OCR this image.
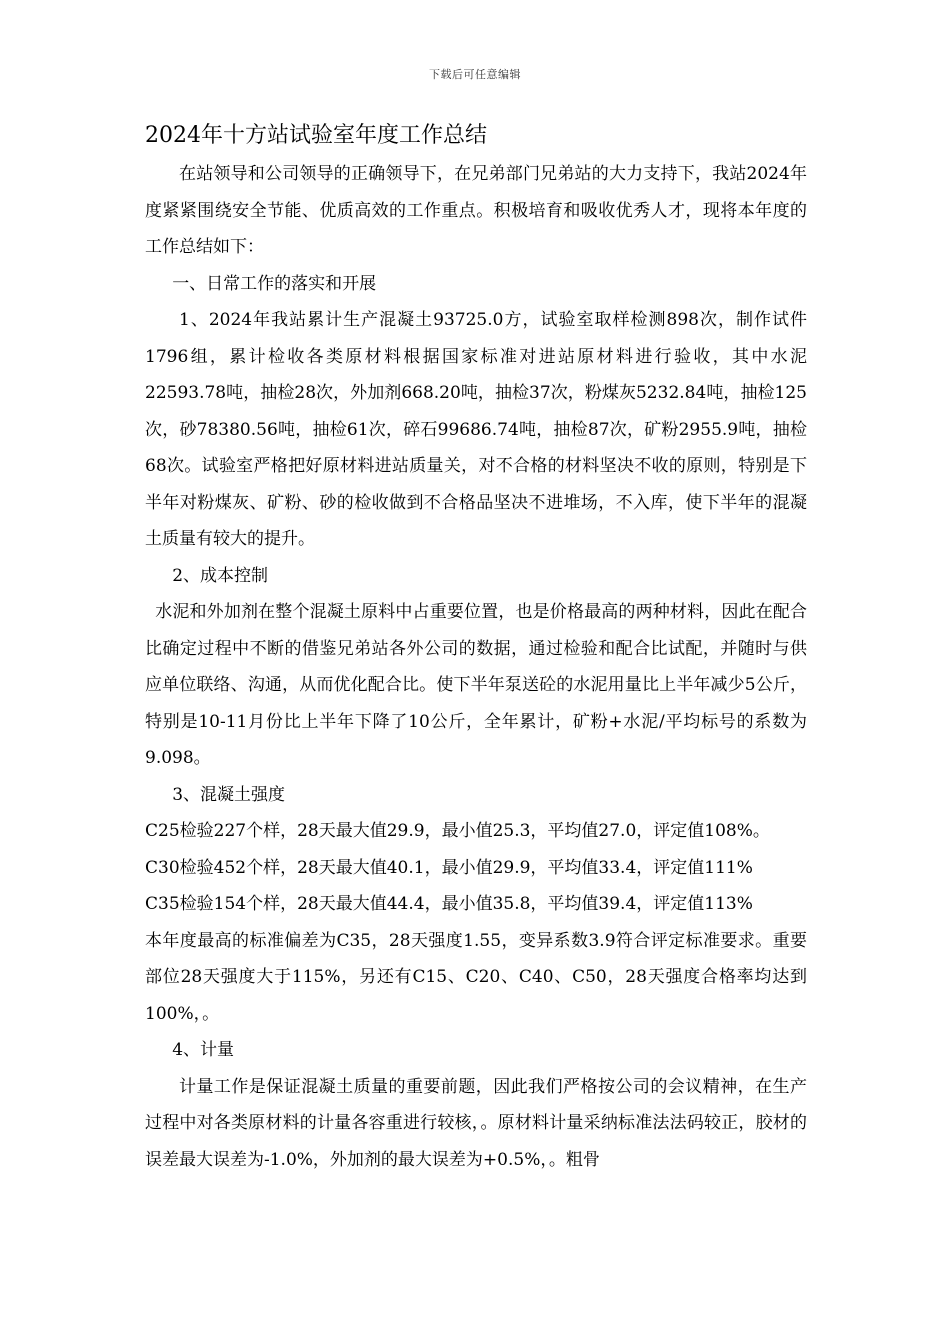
下载后可任意编辑
2024年十方站试验室年度工作总结

在站领导和公司领导的正确领导下，在兄弟部门兄弟站的大力支持下，我站2024年度紧紧围绕安全节能、优质高效的工作重点。积极培育和吸收优秀人才，现将本年度的工作总结如下：

一、日常工作的落实和开展

1、2024年我站累计生产混凝土93725.0方，试验室取样检测898次，制作试件1796组，累计检收各类原材料根据国家标准对进站原材料进行验收，其中水泥22593.78吨，抽检28次，外加剂668.20吨，抽检37次，粉煤灰5232.84吨，抽检125次，砂78380.56吨，抽检61次，碎石99686.74吨，抽检87次，矿粉2955.9吨，抽检68次。试验室严格把好原材料进站质量关，对不合格的材料坚决不收的原则，特别是下半年对粉煤灰、矿粉、砂的检收做到不合格品坚决不进堆场，不入库，使下半年的混凝土质量有较大的提升。

2、成本控制

水泥和外加剂在整个混凝土原料中占重要位置，也是价格最高的两种材料，因此在配合比确定过程中不断的借鉴兄弟站各外公司的数据，通过检验和配合比试配，并随时与供应单位联络、沟通，从而优化配合比。使下半年泵送砼的水泥用量比上半年减少5公斤，特别是10-11月份比上半年下降了10公斤，全年累计，矿粉+水泥/平均标号的系数为9.098。

3、混凝土强度

C25检验227个样，28天最大值29.9，最小值25.3，平均值27.0，评定值108%。

C30检验452个样，28天最大值40.1，最小值29.9，平均值33.4，评定值111%

C35检验154个样，28天最大值44.4，最小值35.8，平均值39.4，评定值113%

本年度最高的标准偏差为C35，28天强度1.55，变异系数3.9符合评定标准要求。重要部位28天强度大于115%，另还有C15、C20、C40、C50，28天强度合格率均达到100%，。

4、计量

计量工作是保证混凝土质量的重要前题，因此我们严格按公司的会议精神，在生产过程中对各类原材料的计量各容重进行较核，。原材料计量采纳标准法法码较正，胶材的误差最大误差为-1.0%，外加剂的最大误差为+0.5%，。粗骨
